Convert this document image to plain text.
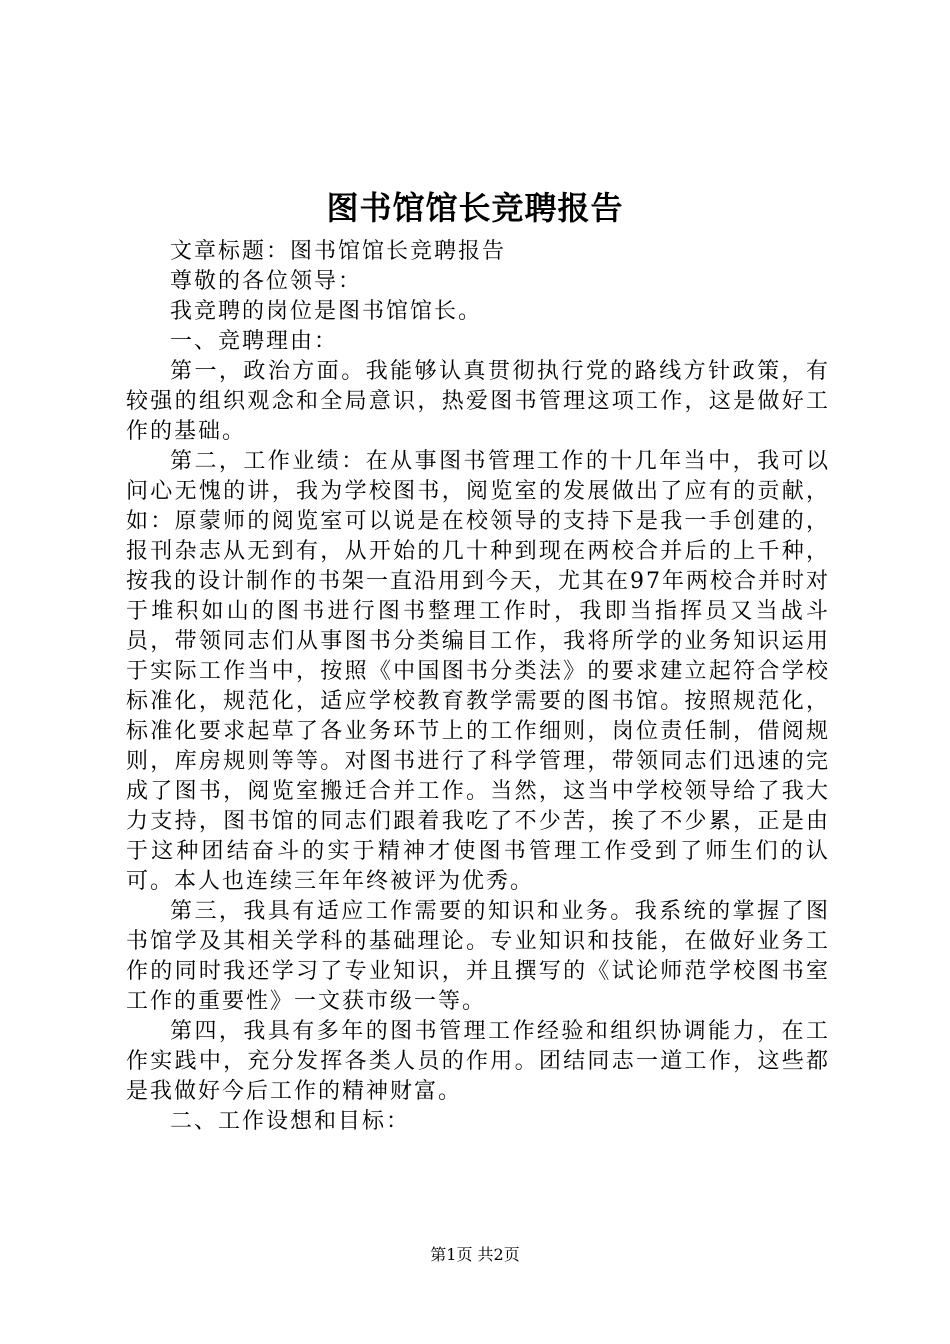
图书馆馆长竞聘报告

文章标题：图书馆馆长竞聘报告

尊敬的各位领导：

我竞聘的岗位是图书馆馆长。

一、竞聘理由：

第一，政治方面。我能够认真贯彻执行党的路线方针政策，有较强的组织观念和全局意识，热爱图书管理这项工作，这是做好工作的基础。

第二，工作业绩：在从事图书管理工作的十几年当中，我可以问心无愧的讲，我为学校图书，阅览室的发展做出了应有的贡献，如：原蒙师的阅览室可以说是在校领导的支持下是我一手创建的，报刊杂志从无到有，从开始的几十种到现在两校合并后的上千种，按我的设计制作的书架一直沿用到今天，尤其在97年两校合并时对于堆积如山的图书进行图书整理工作时，我即当指挥员又当战斗员，带领同志们从事图书分类编目工作，我将所学的业务知识运用于实际工作当中，按照《中国图书分类法》的要求建立起符合学校标准化，规范化，适应学校教育教学需要的图书馆。按照规范化，标准化要求起草了各业务环节上的工作细则，岗位责任制，借阅规则，库房规则等等。对图书进行了科学管理，带领同志们迅速的完成了图书，阅览室搬迁合并工作。当然，这当中学校领导给了我大力支持，图书馆的同志们跟着我吃了不少苦，挨了不少累，正是由于这种团结奋斗的实于精神才使图书管理工作受到了师生们的认可。本人也连续三年年终被评为优秀。

第三，我具有适应工作需要的知识和业务。我系统的掌握了图书馆学及其相关学科的基础理论。专业知识和技能，在做好业务工作的同时我还学习了专业知识，并且撰写的《试论师范学校图书室工作的重要性》一文获市级一等。

第四，我具有多年的图书管理工作经验和组织协调能力，在工作实践中，充分发挥各类人员的作用。团结同志一道工作，这些都是我做好今后工作的精神财富。

二、工作设想和目标：

第1页 共2页
